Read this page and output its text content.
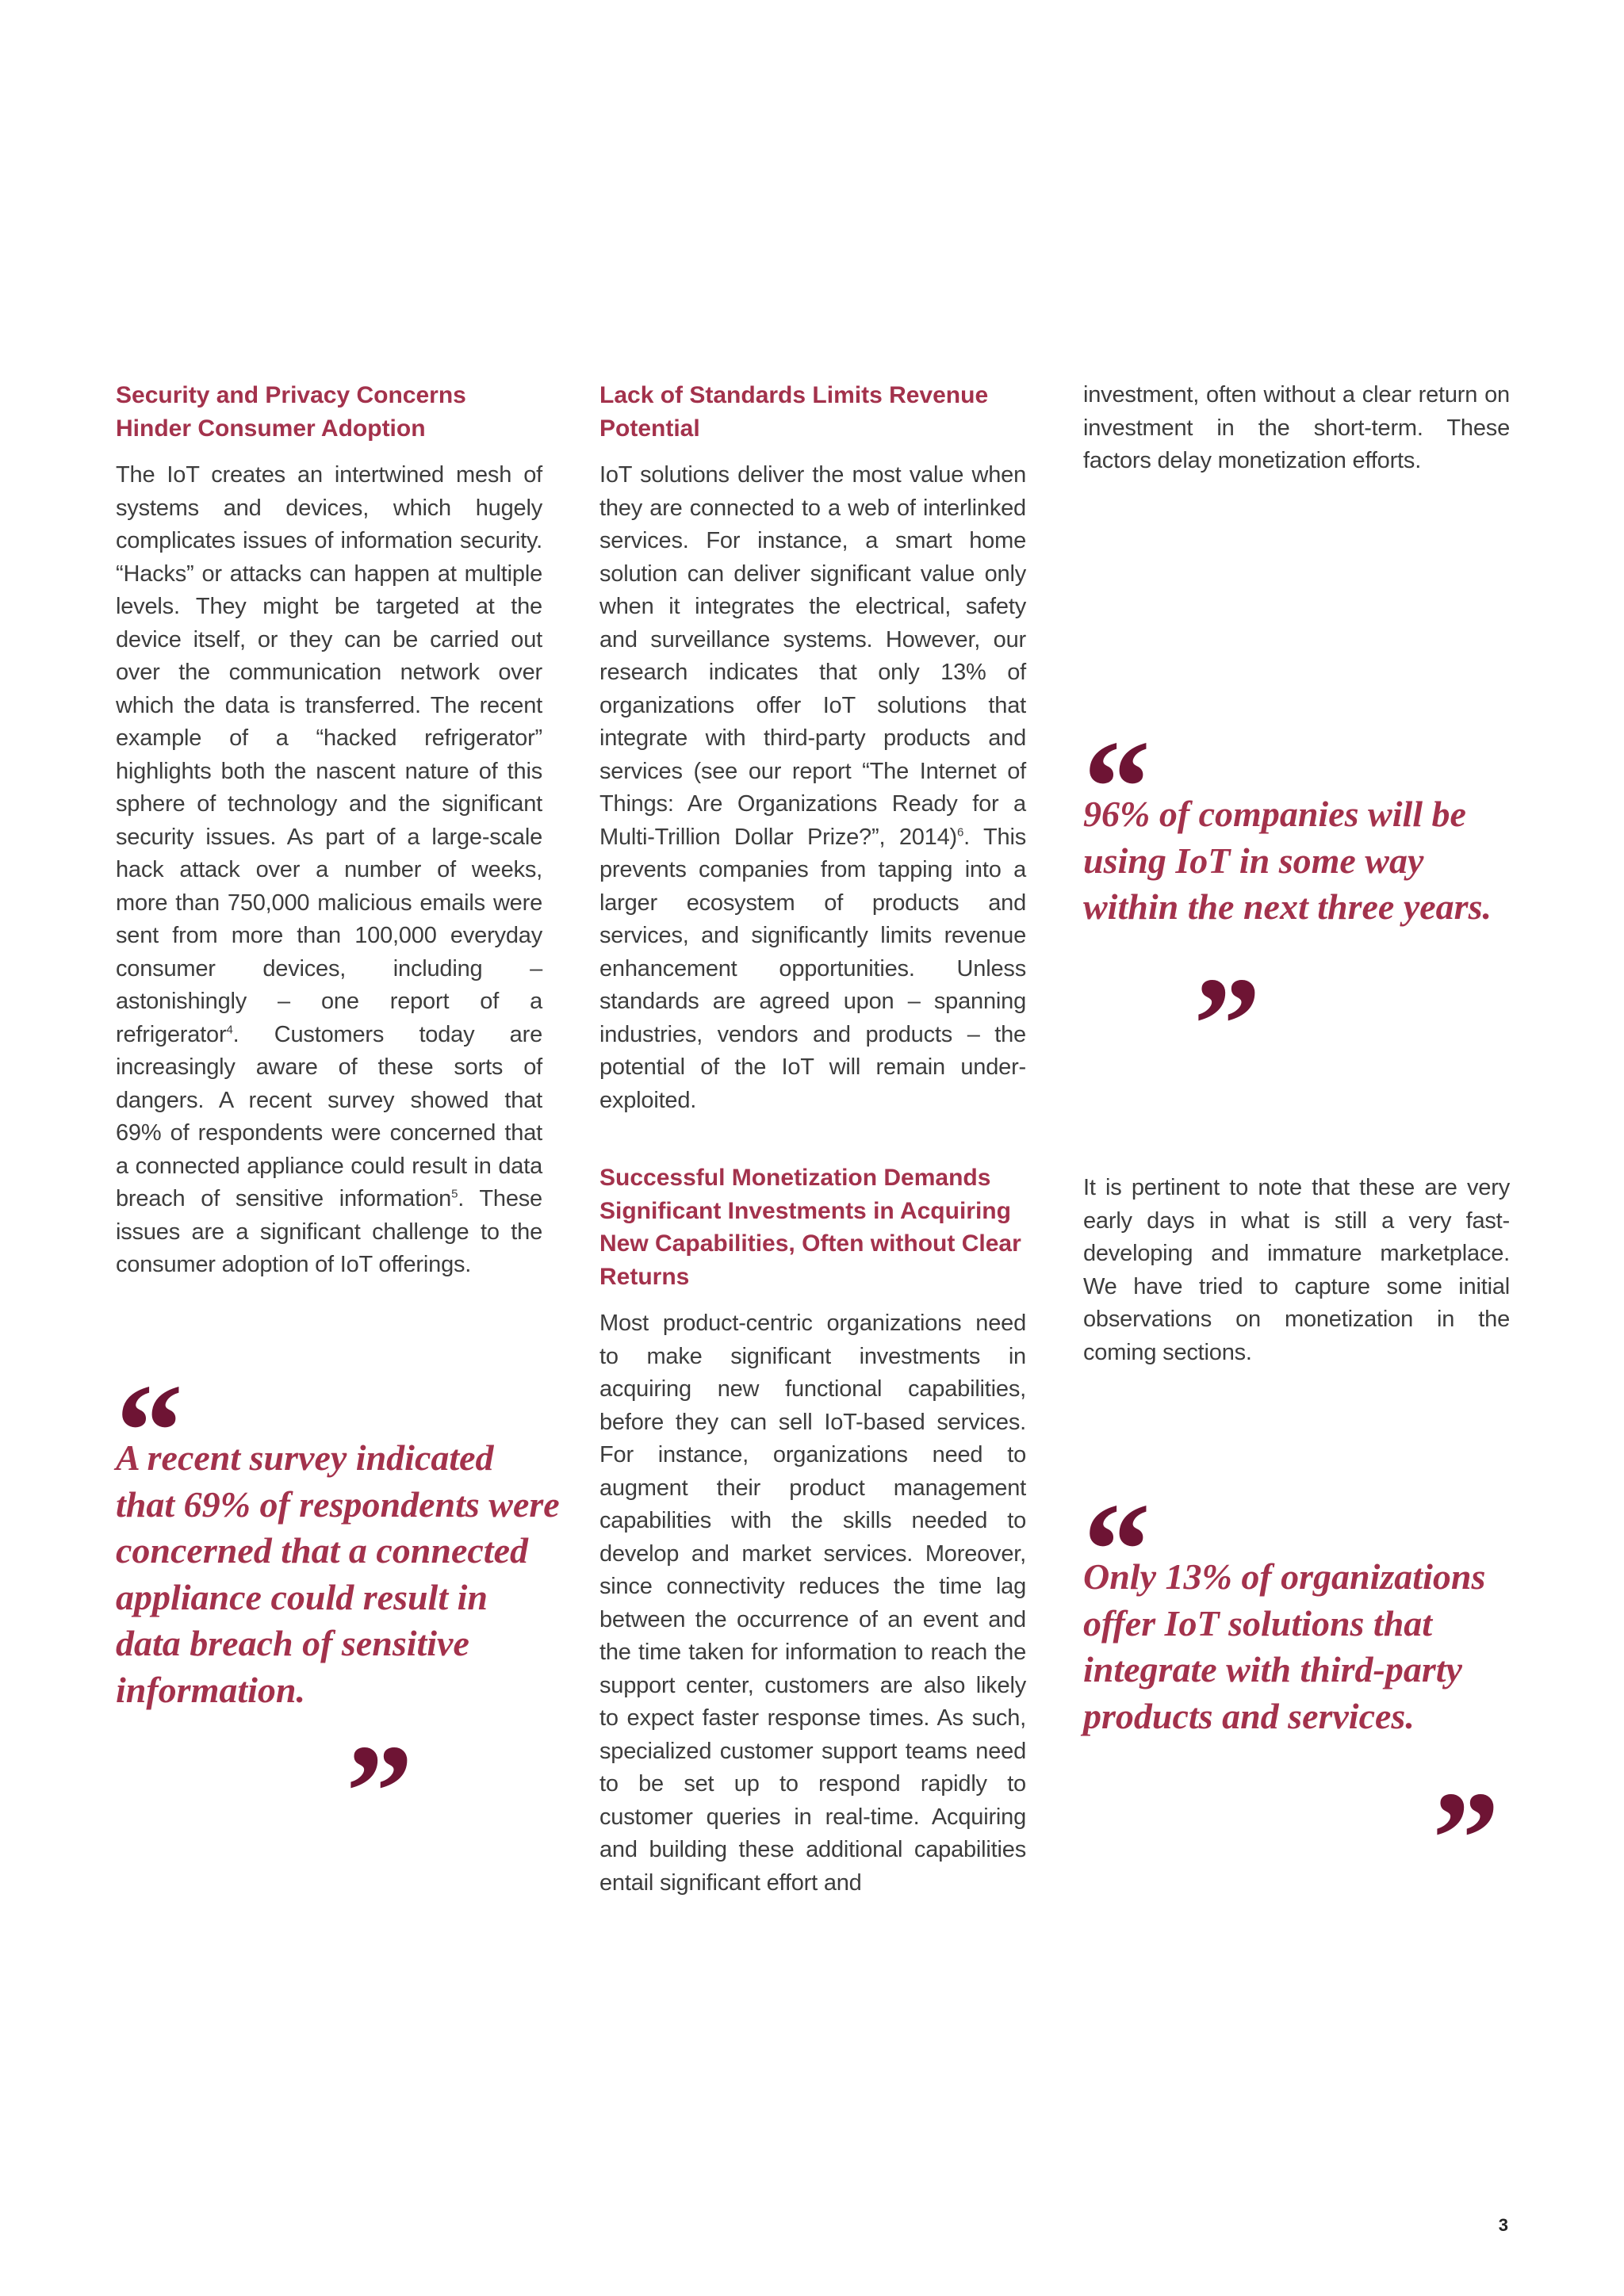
Security and Privacy Concerns Hinder Consumer Adoption

The IoT creates an intertwined mesh of systems and devices, which hugely complicates issues of information security. “Hacks” or attacks can happen at multiple levels. They might be targeted at the device itself, or they can be carried out over the communication network over which the data is transferred. The recent example of a “hacked refrigerator” highlights both the nascent nature of this sphere of technology and the significant security issues. As part of a large-scale hack attack over a number of weeks, more than 750,000 malicious emails were sent from more than 100,000 everyday consumer devices, including – astonishingly – one report of a refrigerator$^4$. Customers today are increasingly aware of these sorts of dangers. A recent survey showed that 69% of respondents were concerned that a connected appliance could result in data breach of sensitive information$^5$. These issues are a significant challenge to the consumer adoption of IoT offerings.

“

A recent survey indicated that 69% of respondents were concerned that a connected appliance could result in data breach of sensitive information.

”
Lack of Standards Limits Revenue Potential

IoT solutions deliver the most value when they are connected to a web of interlinked services. For instance, a smart home solution can deliver significant value only when it integrates the electrical, safety and surveillance systems. However, our research indicates that only 13% of organizations offer IoT solutions that integrate with third-party products and services (see our report “The Internet of Things: Are Organizations Ready for a Multi-Trillion Dollar Prize?”, 2014)$^6$. This prevents companies from tapping into a larger ecosystem of products and services, and significantly limits revenue enhancement opportunities. Unless standards are agreed upon – spanning industries, vendors and products – the potential of the IoT will remain under-exploited.

Successful Monetization Demands Significant Investments in Acquiring New Capabilities, Often without Clear Returns

Most product-centric organizations need to make significant investments in acquiring new functional capabilities, before they can sell IoT-based services. For instance, organizations need to augment their product management capabilities with the skills needed to develop and market services. Moreover, since connectivity reduces the time lag between the occurrence of an event and the time taken for information to reach the support center, customers are also likely to expect faster response times. As such, specialized customer support teams need to be set up to respond rapidly to customer queries in real-time. Acquiring and building these additional capabilities entail significant effort and

investment, often without a clear return on investment in the short-term. These factors delay monetization efforts.

“

96% of companies will be using IoT in some way within the next three years.

”

It is pertinent to note that these are very early days in what is still a very fast-developing and immature marketplace. We have tried to capture some initial observations on monetization in the coming sections.

“

Only 13% of organizations offer IoT solutions that integrate with third-party products and services.

”
3
